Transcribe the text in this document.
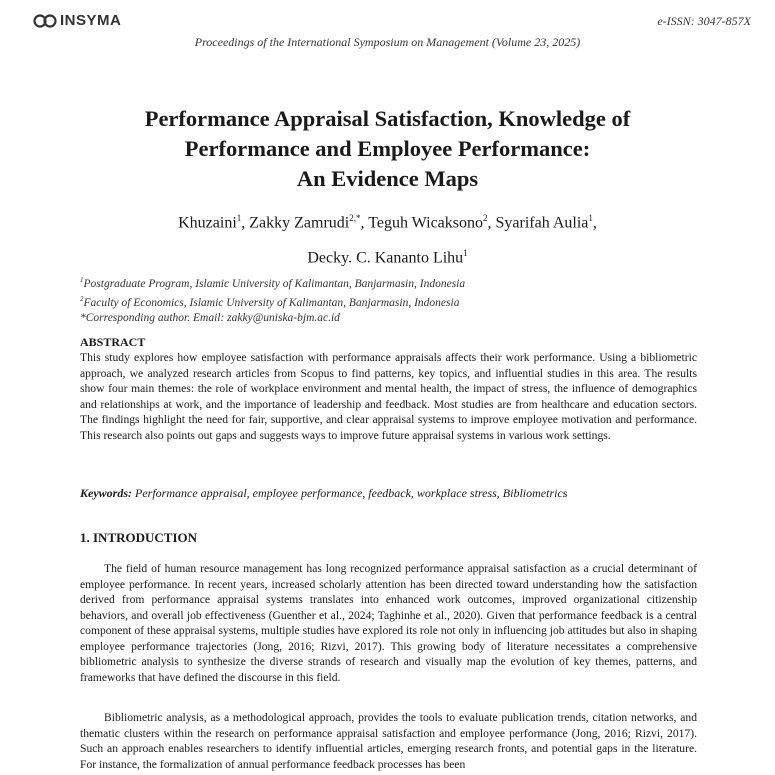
INSYMA	e-ISSN: 3047-857X
Proceedings of the International Symposium on Management (Volume 23, 2025)
Performance Appraisal Satisfaction, Knowledge of
Performance and Employee Performance:
An Evidence Maps
Khuzaini$^1$, Zakky Zamrudi$^{2,*}$, Teguh Wicaksono$^2$, Syarifah Aulia$^1$,
Decky. C. Kananto Lihu$^1$
$^1$Postgraduate Program, Islamic University of Kalimantan, Banjarmasin, Indonesia
$^2$Faculty of Economics, Islamic University of Kalimantan, Banjarmasin, Indonesia
*Corresponding author. Email: zakky@uniska-bjm.ac.id
ABSTRACT
This study explores how employee satisfaction with performance appraisals affects their work performance. Using a bibliometric approach, we analyzed research articles from Scopus to find patterns, key topics, and influential studies in this area. The results show four main themes: the role of workplace environment and mental health, the impact of stress, the influence of demographics and relationships at work, and the importance of leadership and feedback. Most studies are from healthcare and education sectors. The findings highlight the need for fair, supportive, and clear appraisal systems to improve employee motivation and performance. This research also points out gaps and suggests ways to improve future appraisal systems in various work settings.
Keywords: Performance appraisal, employee performance, feedback, workplace stress, Bibliometrics
1. INTRODUCTION
The field of human resource management has long recognized performance appraisal satisfaction as a crucial determinant of employee performance. In recent years, increased scholarly attention has been directed toward understanding how the satisfaction derived from performance appraisal systems translates into enhanced work outcomes, improved organizational citizenship behaviors, and overall job effectiveness (Guenther et al., 2024; Taghinhe et al., 2020). Given that performance feedback is a central component of these appraisal systems, multiple studies have explored its role not only in influencing job attitudes but also in shaping employee performance trajectories (Jong, 2016; Rizvi, 2017). This growing body of literature necessitates a comprehensive bibliometric analysis to synthesize the diverse strands of research and visually map the evolution of key themes, patterns, and frameworks that have defined the discourse in this field.
Bibliometric analysis, as a methodological approach, provides the tools to evaluate publication trends, citation networks, and thematic clusters within the research on performance appraisal satisfaction and employee performance (Jong, 2016; Rizvi, 2017). Such an approach enables researchers to identify influential articles, emerging research fronts, and potential gaps in the literature. For instance, the formalization of annual performance feedback processes has been
